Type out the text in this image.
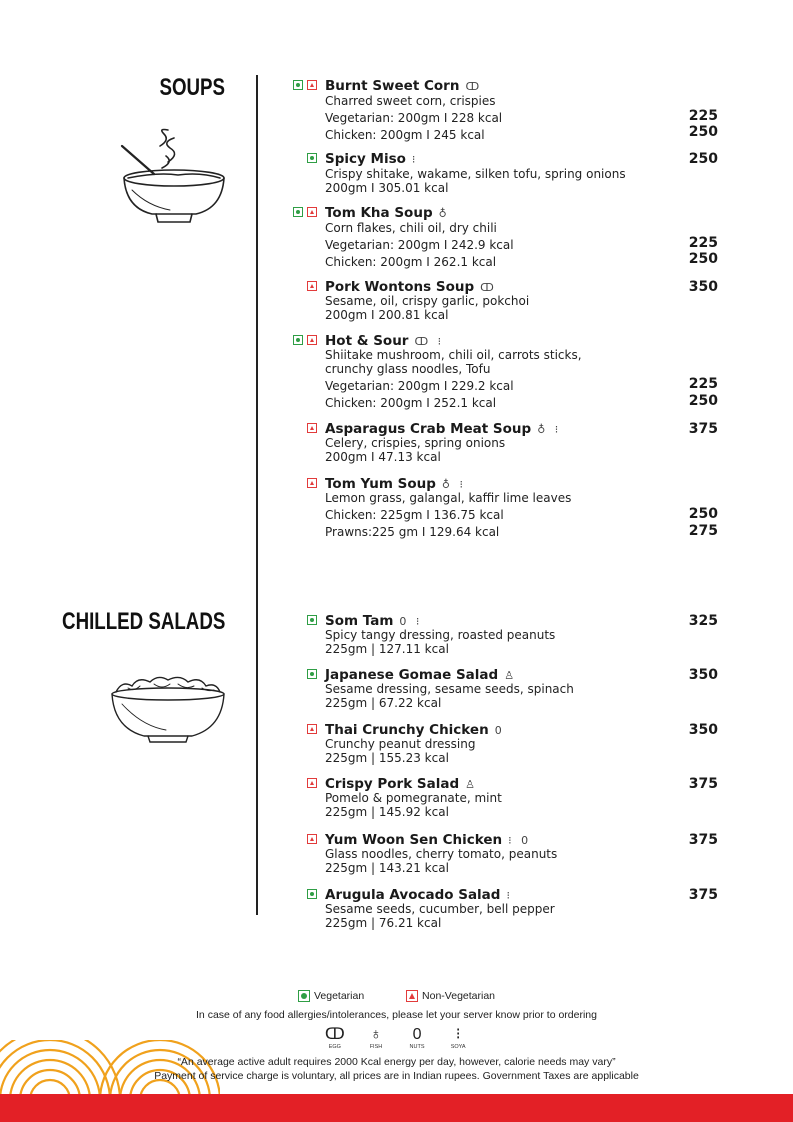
SOUPS
CHILLED SALADS
Burnt Sweet Corn ↀ
Charred sweet corn, crispies
Vegetarian: 200gm I 228 kcal	225
Chicken: 200gm I 245 kcal	250
Spicy Miso ⁝	250
Crispy shitake, wakame, silken tofu, spring onions
200gm I 305.01 kcal
Tom Kha Soup ♁
Corn flakes, chili oil, dry chili
Vegetarian: 200gm I 242.9 kcal	225
Chicken: 200gm I 262.1 kcal	250
Pork Wontons Soup ↀ	350
Sesame, oil, crispy garlic, pokchoi
200gm I 200.81 kcal
Hot & Sour ↀ ⁝
Shiitake mushroom, chili oil, carrots sticks,
crunchy glass noodles, Tofu
Vegetarian: 200gm I 229.2 kcal	225
Chicken: 200gm I 252.1 kcal	250
Asparagus Crab Meat Soup ♁ ⁝	375
Celery, crispies, spring onions
200gm I 47.13 kcal
Tom Yum Soup ♁ ⁝
Lemon grass, galangal, kaffir lime leaves
Chicken: 225gm I 136.75 kcal	250
Prawns:225 gm I 129.64 kcal	275
Som Tam 0 ⁝	325
Spicy tangy dressing, roasted peanuts
225gm | 127.11 kcal
Japanese Gomae Salad ♙	350
Sesame dressing, sesame seeds, spinach
225gm | 67.22 kcal
Thai Crunchy Chicken 0	350
Crunchy peanut dressing
225gm | 155.23 kcal
Crispy Pork Salad ♙	375
Pomelo & pomegranate, mint
225gm | 145.92 kcal
Yum Woon Sen Chicken ⁝ 0	375
Glass noodles, cherry tomato, peanuts
225gm | 143.21 kcal
Arugula Avocado Salad ⁝	375
Sesame seeds, cucumber, bell pepper
225gm | 76.21 kcal
Vegetarian	Non-Vegetarian
In case of any food allergies/intolerances, please let your server know prior to ordering
ↀ
EGG

♁
FISH

0
NUTS

⁝
SOYA
“An average active adult requires 2000 Kcal energy per day, however, calorie needs may vary”
Payment of service charge is voluntary, all prices are in Indian rupees. Government Taxes are applicable
